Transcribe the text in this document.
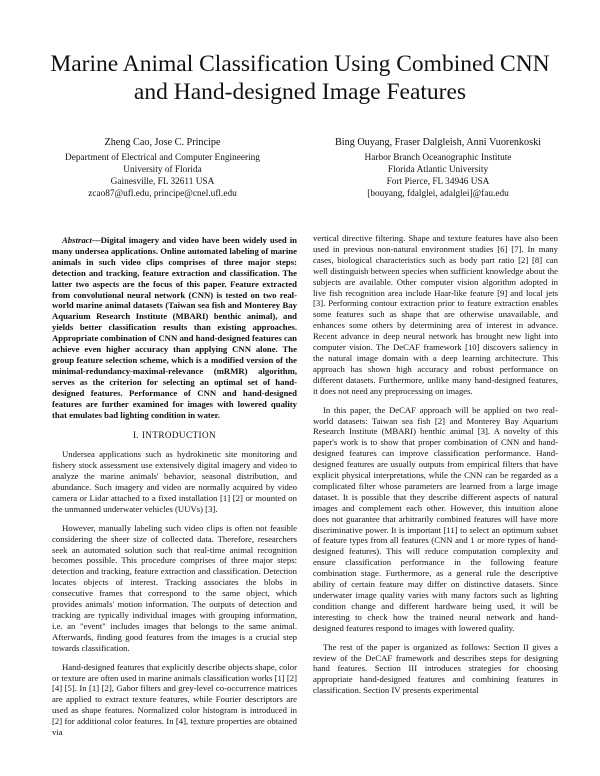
Marine Animal Classification Using Combined CNN
and Hand-designed Image Features
Zheng Cao, Jose C. Principe
Department of Electrical and Computer Engineering
University of Florida
Gainesville, FL 32611 USA
zcao87@ufl.edu, principe@cnel.ufl.edu
Bing Ouyang, Fraser Dalgleish, Anni Vuorenkoski
Harbor Branch Oceanographic Institute
Florida Atlantic University
Fort Pierce, FL 34946 USA
[bouyang, fdalglei, adalglei]@fau.edu

Abstract—Digital imagery and video have been widely used in many undersea applications. Online automated labeling of marine animals in such video clips comprises of three major steps: detection and tracking, feature extraction and classification. The latter two aspects are the focus of this paper. Feature extracted from convolutional neural network (CNN) is tested on two real-world marine animal datasets (Taiwan sea fish and Monterey Bay Aquarium Research Institute (MBARI) benthic animal), and yields better classification results than existing approaches. Appropriate combination of CNN and hand-designed features can achieve even higher accuracy than applying CNN alone. The group feature selection scheme, which is a modified version of the minimal-redundancy-maximal-relevance (mRMR) algorithm, serves as the criterion for selecting an optimal set of hand-designed features. Performance of CNN and hand-designed features are further examined for images with lowered quality that emulates bad lighting condition in water.

I. INTRODUCTION

Undersea applications such as hydrokinetic site monitoring and fishery stock assessment use extensively digital imagery and video to analyze the marine animals' behavior, seasonal distribution, and abundance. Such imagery and video are normally acquired by video camera or Lidar attached to a fixed installation [1] [2] or mounted on the unmanned underwater vehicles (UUVs) [3].

However, manually labeling such video clips is often not feasible considering the sheer size of collected data. Therefore, researchers seek an automated solution such that real-time animal recognition becomes possible. This procedure comprises of three major steps: detection and tracking, feature extraction and classification. Detection locates objects of interest. Tracking associates the blobs in consecutive frames that correspond to the same object, which provides animals' motion information. The outputs of detection and tracking are typically individual images with grouping information, i.e. an "event" includes images that belongs to the same animal. Afterwards, finding good features from the images is a crucial step towards classification.

Hand-designed features that explicitly describe objects shape, color or texture are often used in marine animals classification works [1] [2] [4] [5]. In [1] [2], Gabor filters and grey-level co-occurrence matrices are applied to extract texture features, while Fourier descriptors are used as shape features. Normalized color histogram is introduced in [2] for additional color features. In [4], texture properties are obtained via

vertical directive filtering. Shape and texture features have also been used in previous non-natural environment studies [6] [7]. In many cases, biological characteristics such as body part ratio [2] [8] can well distinguish between species when sufficient knowledge about the subjects are available. Other computer vision algorithm adopted in live fish recognition area include Haar-like feature [9] and local jets [3]. Performing contour extraction prior to feature extraction enables some features such as shape that are otherwise unavailable, and enhances some others by determining area of interest in advance. Recent advance in deep neural network has brought new light into computer vision. The DeCAF framework [10] discovers saliency in the natural image domain with a deep learning architecture. This approach has shown high accuracy and robust performance on different datasets. Furthermore, unlike many hand-designed features, it does not need any preprocessing on images.

In this paper, the DeCAF approach will be applied on two real-world datasets: Taiwan sea fish [2] and Monterey Bay Aquarium Research Institute (MBARI) benthic animal [3]. A novelty of this paper's work is to show that proper combination of CNN and hand-designed features can improve classification performance. Hand-designed features are usually outputs from empirical filters that have explicit physical interpretations, while the CNN can be regarded as a complicated filter whose parameters are learned from a large image dataset. It is possible that they describe different aspects of natural images and complement each other. However, this intuition alone does not guarantee that arbitrarily combined features will have more discriminative power. It is important [11] to select an optimum subset of feature types from all features (CNN and 1 or more types of hand-designed features). This will reduce computation complexity and ensure classification performance in the following feature combination stage. Furthermore, as a general rule the descriptive ability of certain feature may differ on distinctive datasets. Since underwater image quality varies with many factors such as lighting condition change and different hardware being used, it will be interesting to check how the trained neural network and hand-designed features respond to images with lowered quality.

The rest of the paper is organized as follows: Section II gives a review of the DeCAF framework and describes steps for designing hand features. Section III introduces strategies for choosing appropriate hand-designed features and combining features in classification. Section IV presents experimental
